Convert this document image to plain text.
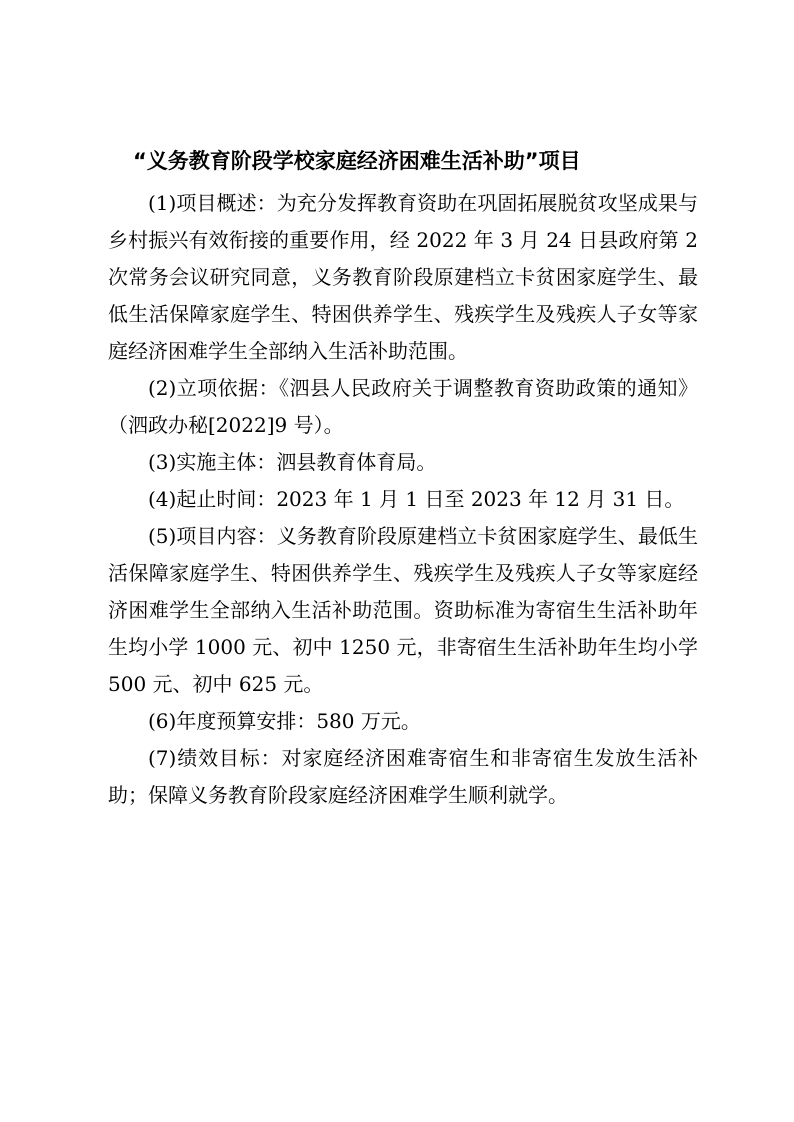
“义务教育阶段学校家庭经济困难生活补助”项目

(1)项目概述：为充分发挥教育资助在巩固拓展脱贫攻坚成果与乡村振兴有效衔接的重要作用，经 2022 年 3 月 24 日县政府第 2 次常务会议研究同意，义务教育阶段原建档立卡贫困家庭学生、最低生活保障家庭学生、特困供养学生、残疾学生及残疾人子女等家庭经济困难学生全部纳入生活补助范围。

(2)立项依据：《泗县人民政府关于调整教育资助政策的通知》（泗政办秘[2022]9 号）。

(3)实施主体：泗县教育体育局。

(4)起止时间：2023 年 1 月 1 日至 2023 年 12 月 31 日。

(5)项目内容：义务教育阶段原建档立卡贫困家庭学生、最低生活保障家庭学生、特困供养学生、残疾学生及残疾人子女等家庭经济困难学生全部纳入生活补助范围。资助标准为寄宿生生活补助年生均小学 1000 元、初中 1250 元，非寄宿生生活补助年生均小学 500 元、初中 625 元。

(6)年度预算安排：580 万元。

(7)绩效目标：对家庭经济困难寄宿生和非寄宿生发放生活补助；保障义务教育阶段家庭经济困难学生顺利就学。
